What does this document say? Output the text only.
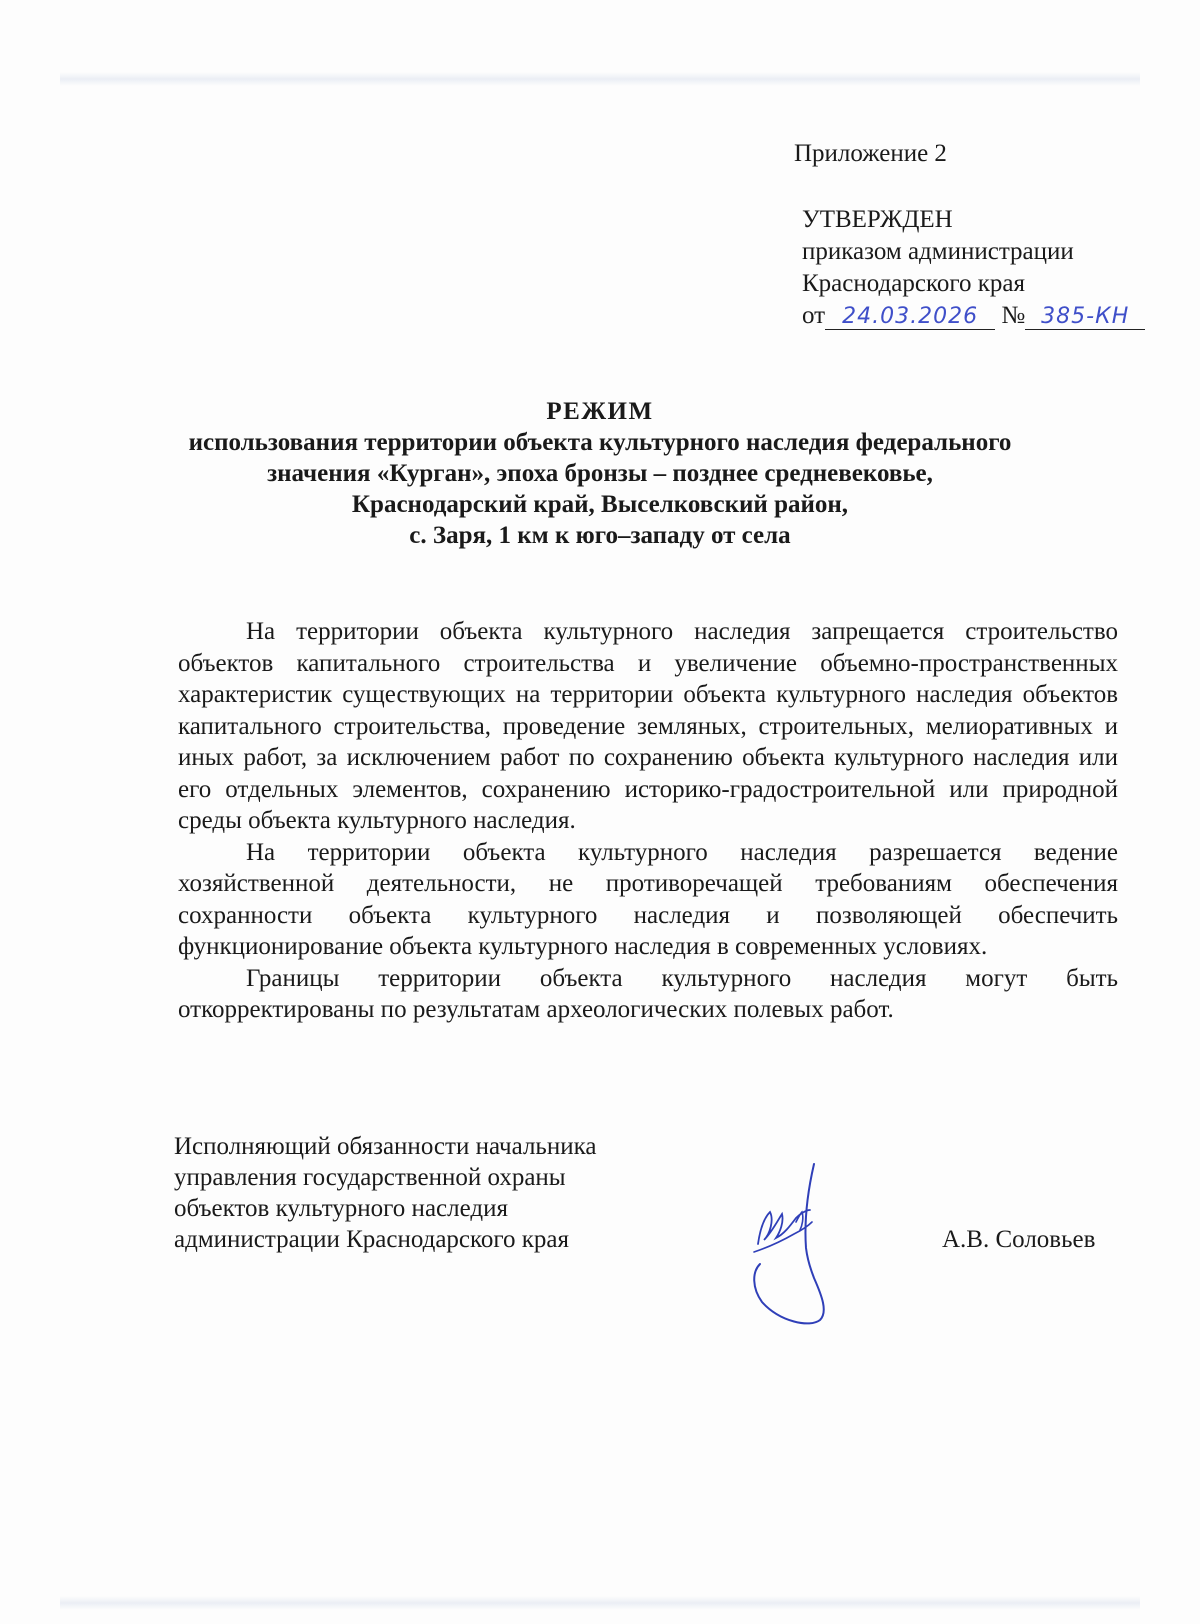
Приложение 2
УТВЕРЖДЕН
приказом администрации
Краснодарского края
от 24.03.2026 № 385-КН
РЕЖИМ
использования территории объекта культурного наследия федерального
значения «Курган», эпоха бронзы – позднее средневековье,
Краснодарский край, Выселковский район,
с. Заря, 1 км к юго–западу от села

На территории объекта культурного наследия запрещается строительство объектов капитального строительства и увеличение объемно-пространственных характеристик существующих на территории объекта культурного наследия объектов капитального строительства, проведение земляных, строительных, мелиоративных и иных работ, за исключением работ по сохранению объекта культурного наследия или его отдельных элементов, сохранению историко-градостроительной или природной среды объекта культурного наследия.

На территории объекта культурного наследия разрешается ведение хозяйственной деятельности, не противоречащей требованиям обеспечения сохранности объекта культурного наследия и позволяющей обеспечить функционирование объекта культурного наследия в современных условиях.

Границы территории объекта культурного наследия могут быть откорректированы по результатам археологических полевых работ.

Исполняющий обязанности начальника
управления государственной охраны
объектов культурного наследия
администрации Краснодарского края	А.В. Соловьев
